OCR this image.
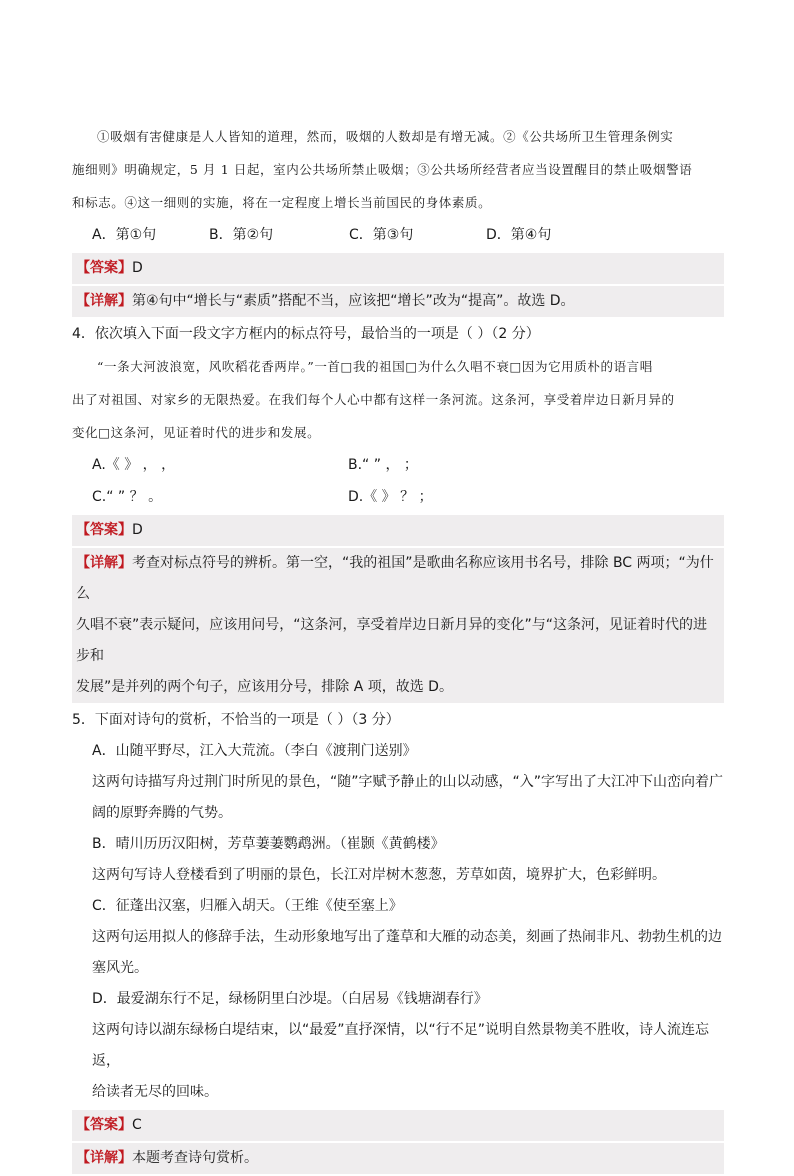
①吸烟有害健康是人人皆知的道理，然而，吸烟的人数却是有增无减。②《公共场所卫生管理条例实

施细则》明确规定，5 月 1 日起，室内公共场所禁止吸烟；③公共场所经营者应当设置醒目的禁止吸烟警语

和标志。④这一细则的实施，将在一定程度上增长当前国民的身体素质。

A．第①句	B．第②句	C．第③句	D．第④句
【答案】D
【详解】第④句中“增长与“素质”搭配不当，应该把“增长”改为“提高”。故选 D。

4．依次填入下面一段文字方框内的标点符号，最恰当的一项是（ ）（2 分）

“一条大河波浪宽，风吹稻花香两岸。”一首□我的祖国□为什么久唱不衰□因为它用质朴的语言唱

出了对祖国、对家乡的无限热爱。在我们每个人心中都有这样一条河流。这条河，享受着岸边日新月异的

变化□这条河，见证着时代的进步和发展。

A.《 》 ， ，	B.“ ” ， ；
C.“ ” ？ 。	D.《 》 ？ ；
【答案】D
【详解】考查对标点符号的辨析。第一空，“我的祖国”是歌曲名称应该用书名号，排除 BC 两项；“为什么
久唱不衰”表示疑问，应该用问号，“这条河，享受着岸边日新月异的变化”与“这条河，见证着时代的进步和
发展”是并列的两个句子，应该用分号，排除 A 项，故选 D。

5．下面对诗句的赏析，不恰当的一项是（ ）（3 分）

A．山随平野尽，江入大荒流。（李白《渡荆门送别》

这两句诗描写舟过荆门时所见的景色，“随”字赋予静止的山以动感，“入”字写出了大江冲下山峦向着广

阔的原野奔腾的气势。

B．晴川历历汉阳树，芳草萋萋鹦鹉洲。（崔颢《黄鹤楼》

这两句写诗人登楼看到了明丽的景色，长江对岸树木葱葱，芳草如茵，境界扩大，色彩鲜明。

C．征蓬出汉塞，归雁入胡天。（王维《使至塞上》

这两句运用拟人的修辞手法，生动形象地写出了蓬草和大雁的动态美，刻画了热闹非凡、勃勃生机的边

塞风光。

D．最爱湖东行不足，绿杨阴里白沙堤。（白居易《钱塘湖春行》

这两句诗以湖东绿杨白堤结束，以“最爱”直抒深情，以“行不足”说明自然景物美不胜收，诗人流连忘返，

给读者无尽的回味。

【答案】C
【详解】本题考查诗句赏析。
